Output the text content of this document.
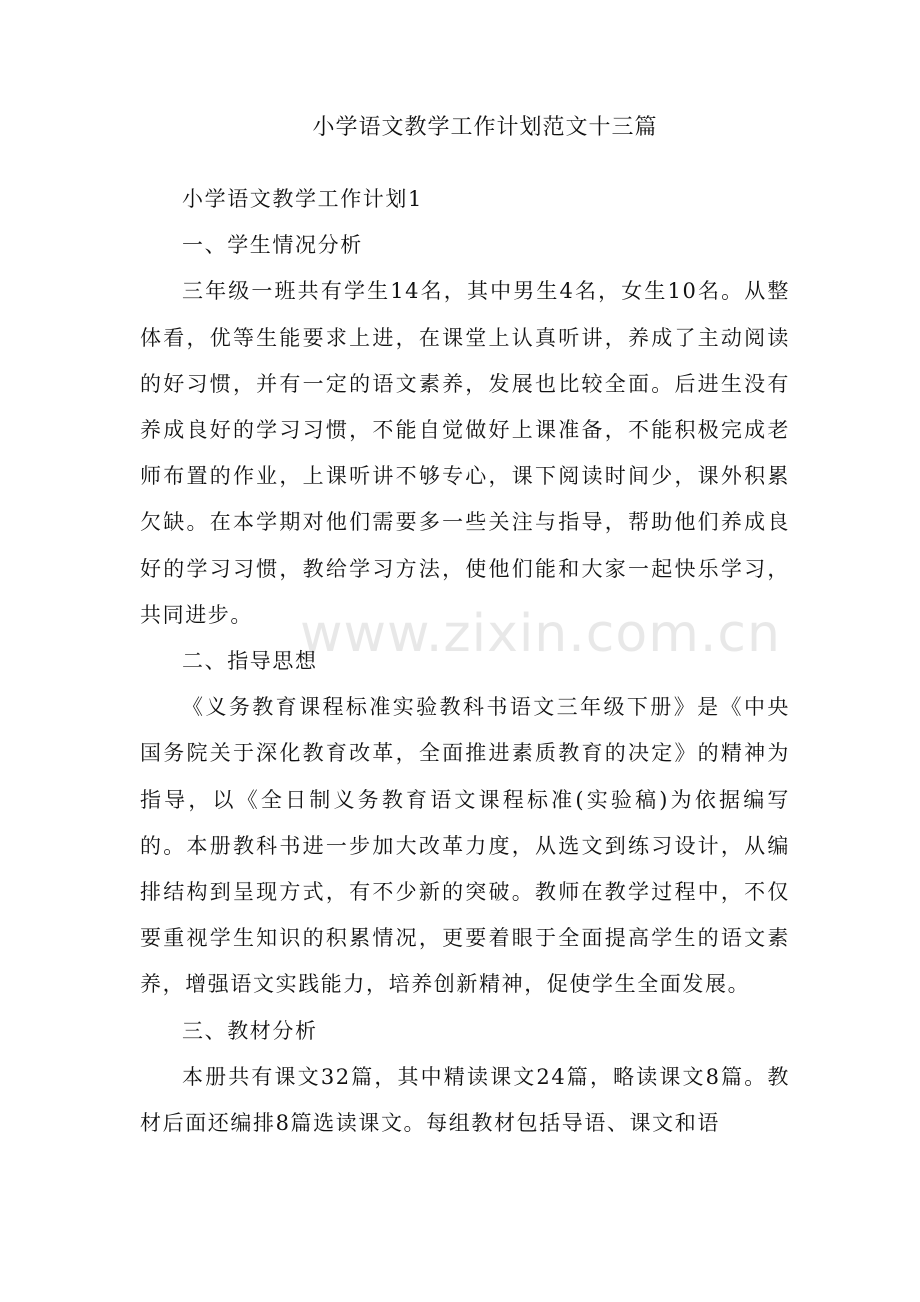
小学语文教学工作计划范文十三篇

小学语文教学工作计划1

一、学生情况分析

三年级一班共有学生14名，其中男生4名，女生10名。从整体看，优等生能要求上进，在课堂上认真听讲，养成了主动阅读的好习惯，并有一定的语文素养，发展也比较全面。后进生没有养成良好的学习习惯，不能自觉做好上课准备，不能积极完成老师布置的作业，上课听讲不够专心，课下阅读时间少，课外积累欠缺。在本学期对他们需要多一些关注与指导，帮助他们养成良好的学习习惯，教给学习方法，使他们能和大家一起快乐学习，共同进步。

二、指导思想

《义务教育课程标准实验教科书语文三年级下册》是《中央国务院关于深化教育改革，全面推进素质教育的决定》的精神为指导，以《全日制义务教育语文课程标准(实验稿)为依据编写的。本册教科书进一步加大改革力度，从选文到练习设计，从编排结构到呈现方式，有不少新的突破。教师在教学过程中，不仅要重视学生知识的积累情况，更要着眼于全面提高学生的语文素养，增强语文实践能力，培养创新精神，促使学生全面发展。

三、教材分析

本册共有课文32篇，其中精读课文24篇，略读课文8篇。教材后面还编排8篇选读课文。每组教材包括导语、课文和语

www.zixin.com.cn
